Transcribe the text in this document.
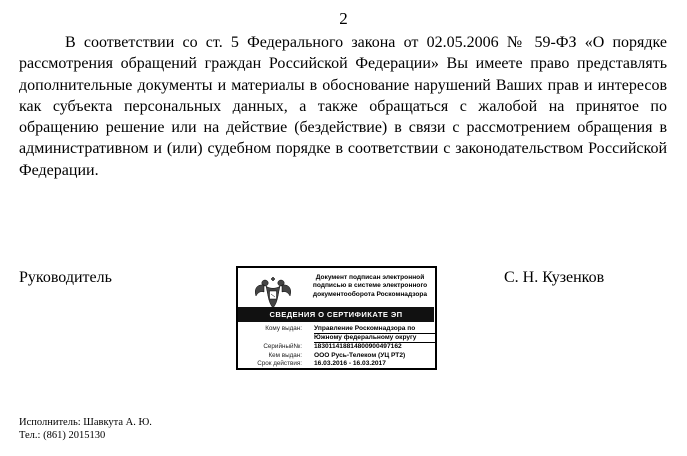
2

В соответствии со ст. 5 Федерального закона от 02.05.2006 № 59-ФЗ «О порядке рассмотрения обращений граждан Российской Федерации» Вы имеете право представлять дополнительные документы и материалы в обоснование нарушений Ваших прав и интересов как субъекта персональных данных, а также обращаться с жалобой на принятое по обращению решение или на действие (бездействие) в связи с рассмотрением обращения в административном и (или) судебном порядке в соответствии с законодательством Российской Федерации.

Руководитель	С. Н. Кузенков
Документ подписан электронной подписью в системе электронного документооборота Роскомнадзора
СВЕДЕНИЯ О СЕРТИФИКАТЕ ЭП
Кому выдан: Управление Роскомнадзора по
Южному федеральному округу
Серийный№: 183011418814800900497162
Кем выдан: ООО Русь-Телеком (УЦ РТ2)
Срок действия: 16.03.2016 - 16.03.2017
Исполнитель: Шавкута А. Ю.
Тел.: (861) 2015130
